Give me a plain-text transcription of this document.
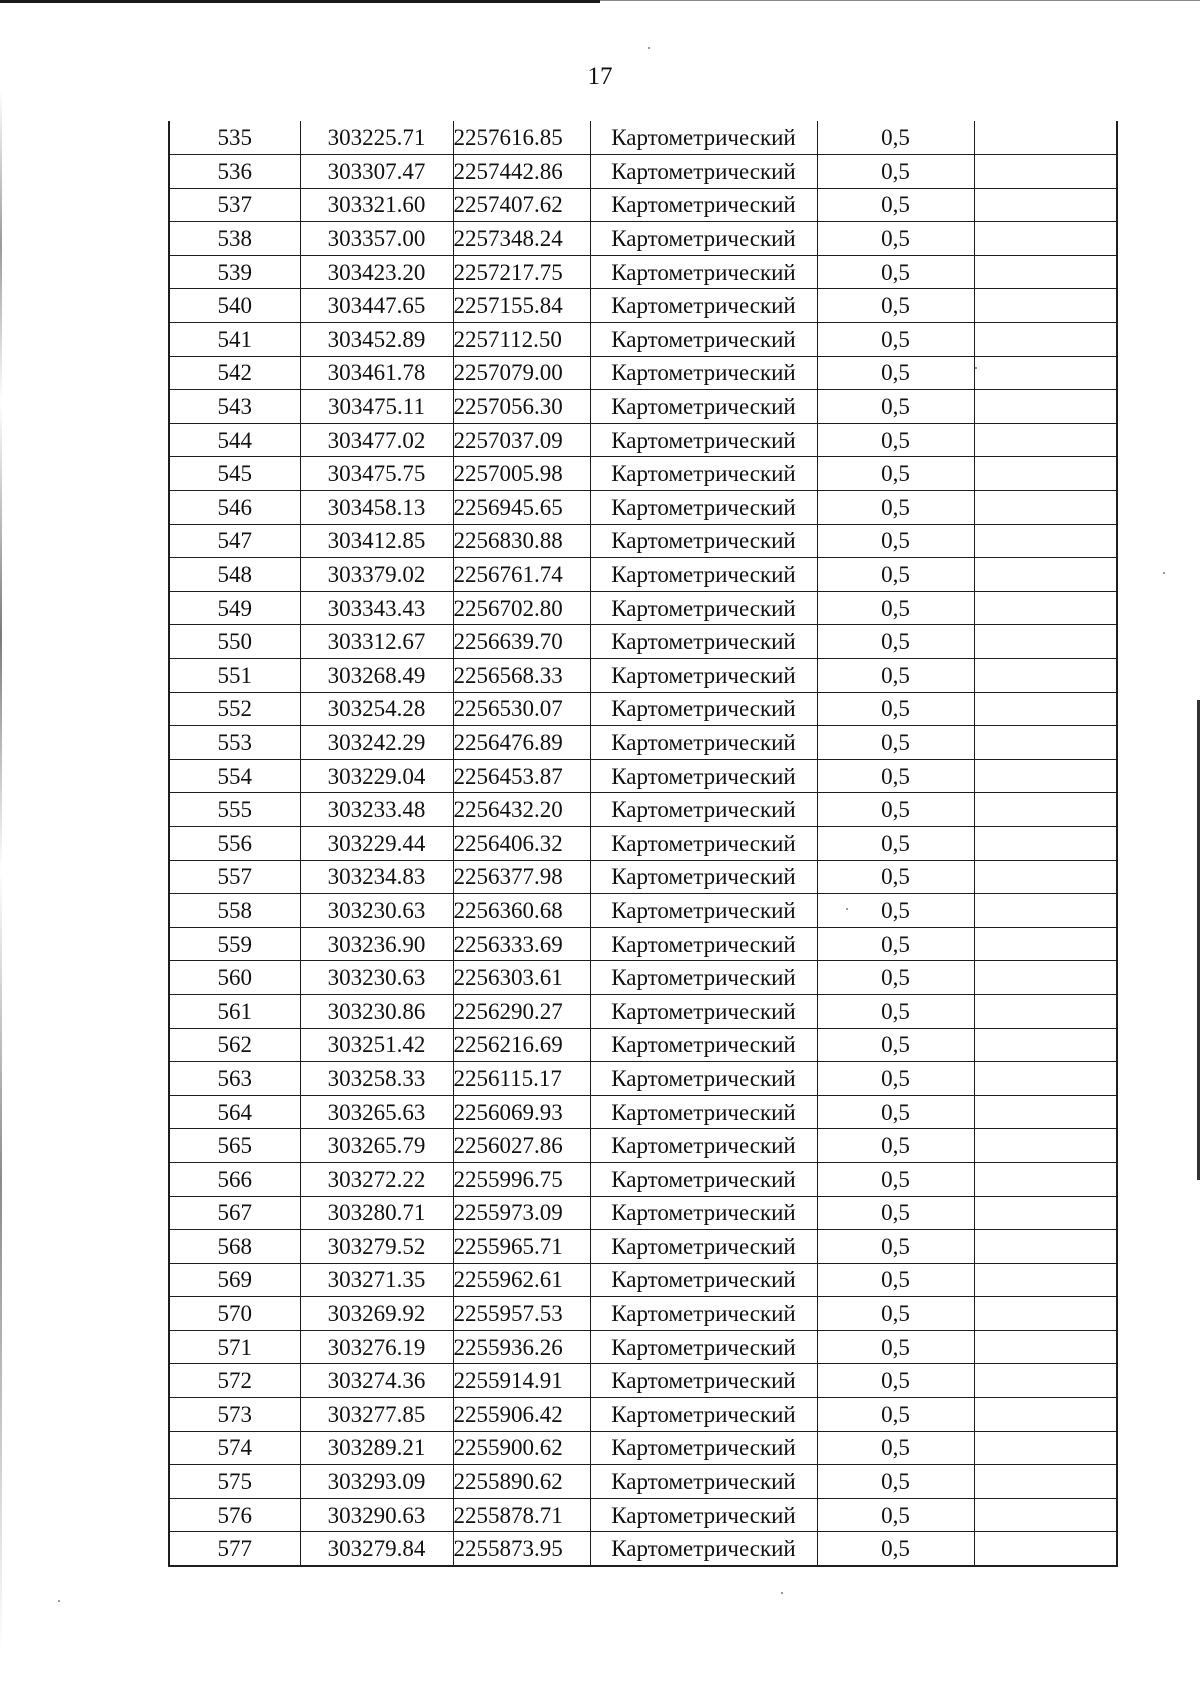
17
535	303225.71	2257616.85	Картометрический	0,5	
536	303307.47	2257442.86	Картометрический	0,5	
537	303321.60	2257407.62	Картометрический	0,5	
538	303357.00	2257348.24	Картометрический	0,5	
539	303423.20	2257217.75	Картометрический	0,5	
540	303447.65	2257155.84	Картометрический	0,5	
541	303452.89	2257112.50	Картометрический	0,5	
542	303461.78	2257079.00	Картометрический	0,5	
543	303475.11	2257056.30	Картометрический	0,5	
544	303477.02	2257037.09	Картометрический	0,5	
545	303475.75	2257005.98	Картометрический	0,5	
546	303458.13	2256945.65	Картометрический	0,5	
547	303412.85	2256830.88	Картометрический	0,5	
548	303379.02	2256761.74	Картометрический	0,5	
549	303343.43	2256702.80	Картометрический	0,5	
550	303312.67	2256639.70	Картометрический	0,5	
551	303268.49	2256568.33	Картометрический	0,5	
552	303254.28	2256530.07	Картометрический	0,5	
553	303242.29	2256476.89	Картометрический	0,5	
554	303229.04	2256453.87	Картометрический	0,5	
555	303233.48	2256432.20	Картометрический	0,5	
556	303229.44	2256406.32	Картометрический	0,5	
557	303234.83	2256377.98	Картометрический	0,5	
558	303230.63	2256360.68	Картометрический	0,5	
559	303236.90	2256333.69	Картометрический	0,5	
560	303230.63	2256303.61	Картометрический	0,5	
561	303230.86	2256290.27	Картометрический	0,5	
562	303251.42	2256216.69	Картометрический	0,5	
563	303258.33	2256115.17	Картометрический	0,5	
564	303265.63	2256069.93	Картометрический	0,5	
565	303265.79	2256027.86	Картометрический	0,5	
566	303272.22	2255996.75	Картометрический	0,5	
567	303280.71	2255973.09	Картометрический	0,5	
568	303279.52	2255965.71	Картометрический	0,5	
569	303271.35	2255962.61	Картометрический	0,5	
570	303269.92	2255957.53	Картометрический	0,5	
571	303276.19	2255936.26	Картометрический	0,5	
572	303274.36	2255914.91	Картометрический	0,5	
573	303277.85	2255906.42	Картометрический	0,5	
574	303289.21	2255900.62	Картометрический	0,5	
575	303293.09	2255890.62	Картометрический	0,5	
576	303290.63	2255878.71	Картометрический	0,5	
577	303279.84	2255873.95	Картометрический	0,5	
